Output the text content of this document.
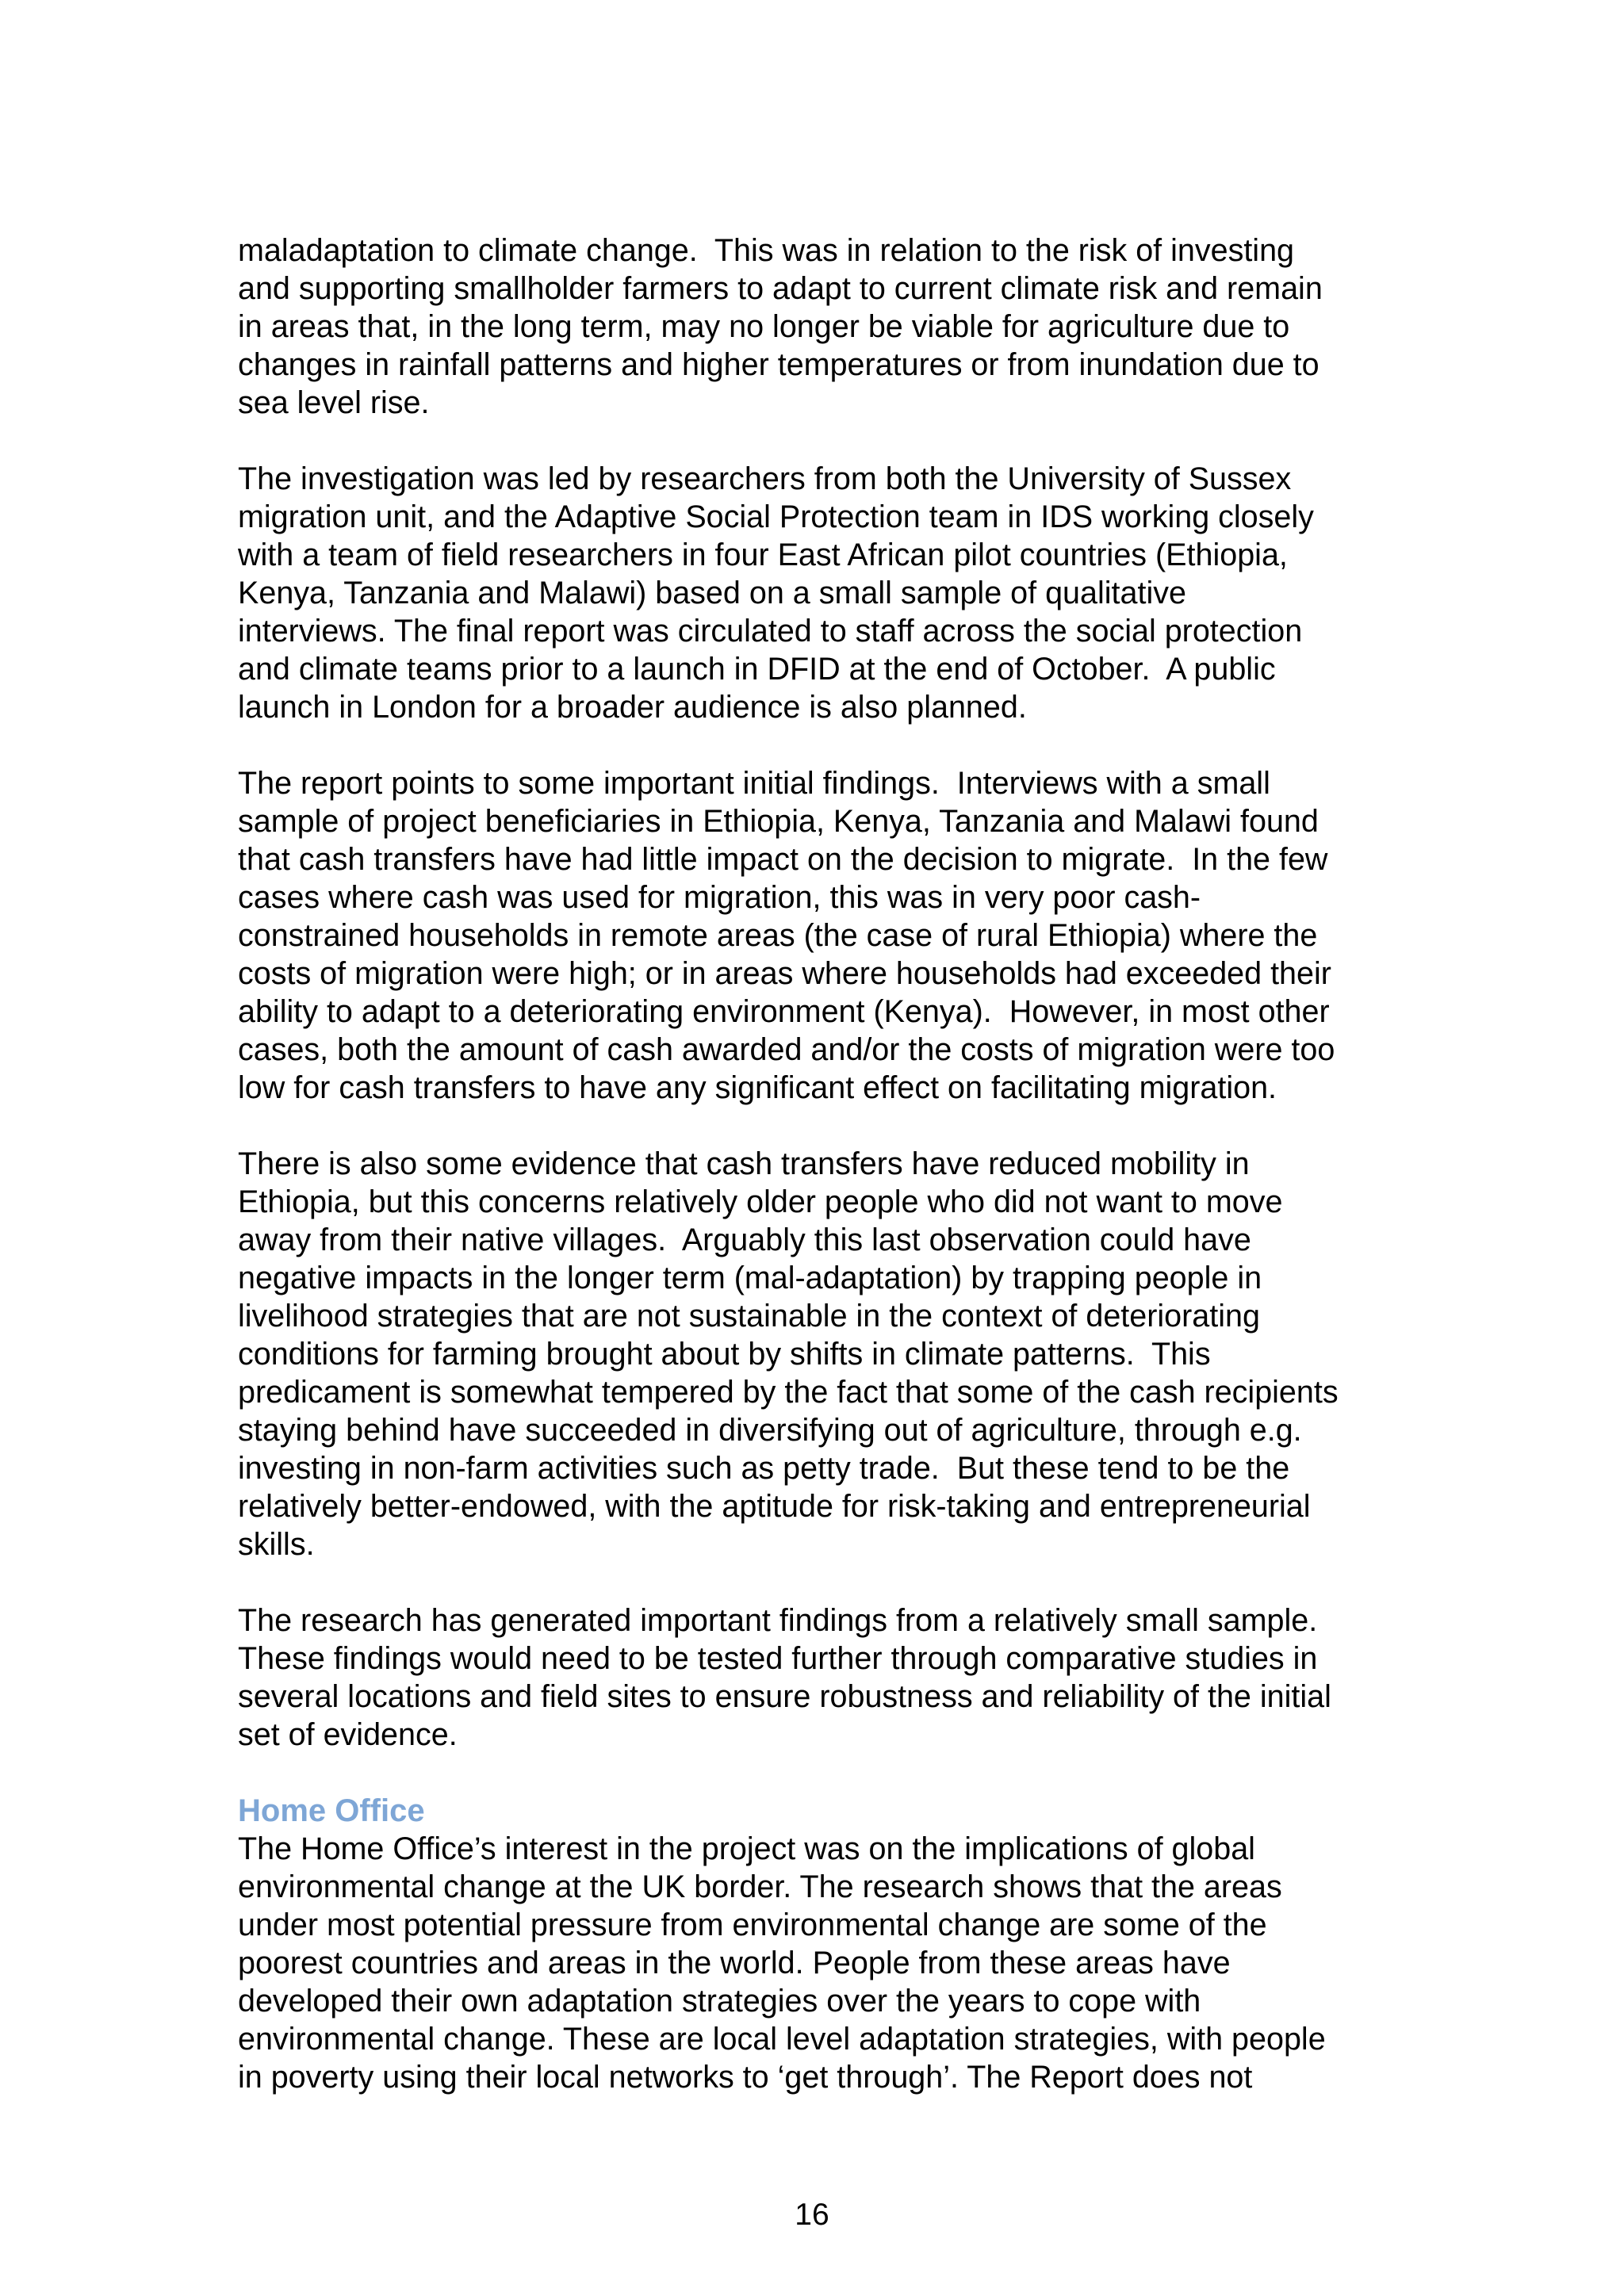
maladaptation to climate change.  This was in relation to the risk of investing
and supporting smallholder farmers to adapt to current climate risk and remain
in areas that, in the long term, may no longer be viable for agriculture due to
changes in rainfall patterns and higher temperatures or from inundation due to
sea level rise.

The investigation was led by researchers from both the University of Sussex
migration unit, and the Adaptive Social Protection team in IDS working closely
with a team of field researchers in four East African pilot countries (Ethiopia,
Kenya, Tanzania and Malawi) based on a small sample of qualitative
interviews. The final report was circulated to staff across the social protection
and climate teams prior to a launch in DFID at the end of October.  A public
launch in London for a broader audience is also planned.

The report points to some important initial findings.  Interviews with a small
sample of project beneficiaries in Ethiopia, Kenya, Tanzania and Malawi found
that cash transfers have had little impact on the decision to migrate.  In the few
cases where cash was used for migration, this was in very poor cash-
constrained households in remote areas (the case of rural Ethiopia) where the
costs of migration were high; or in areas where households had exceeded their
ability to adapt to a deteriorating environment (Kenya).  However, in most other
cases, both the amount of cash awarded and/or the costs of migration were too
low for cash transfers to have any significant effect on facilitating migration.

There is also some evidence that cash transfers have reduced mobility in
Ethiopia, but this concerns relatively older people who did not want to move
away from their native villages.  Arguably this last observation could have
negative impacts in the longer term (mal-adaptation) by trapping people in
livelihood strategies that are not sustainable in the context of deteriorating
conditions for farming brought about by shifts in climate patterns.  This
predicament is somewhat tempered by the fact that some of the cash recipients
staying behind have succeeded in diversifying out of agriculture, through e.g.
investing in non-farm activities such as petty trade.  But these tend to be the
relatively better-endowed, with the aptitude for risk-taking and entrepreneurial
skills.

The research has generated important findings from a relatively small sample.
These findings would need to be tested further through comparative studies in
several locations and field sites to ensure robustness and reliability of the initial
set of evidence.

Home Office

The Home Office’s interest in the project was on the implications of global
environmental change at the UK border. The research shows that the areas
under most potential pressure from environmental change are some of the
poorest countries and areas in the world. People from these areas have
developed their own adaptation strategies over the years to cope with
environmental change. These are local level adaptation strategies, with people
in poverty using their local networks to ‘get through’. The Report does not

16
